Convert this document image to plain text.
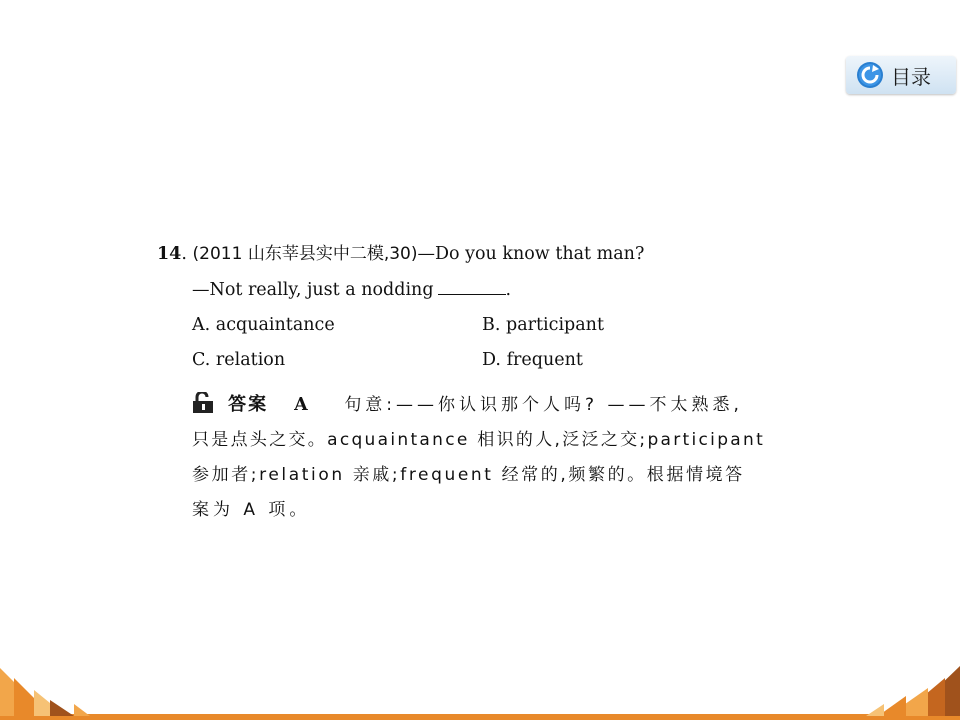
目录
14. (2011 山东莘县实中二模,30)—Do you know that man?
—Not really, just a nodding	.
A. acquaintance	B. participant
C. relation	D. frequent
答案 A 句意:——你认识那个人吗? ——不太熟悉,
只是点头之交。acquaintance 相识的人,泛泛之交;participant
参加者;relation 亲戚;frequent 经常的,频繁的。根据情境答
案为 A 项。
